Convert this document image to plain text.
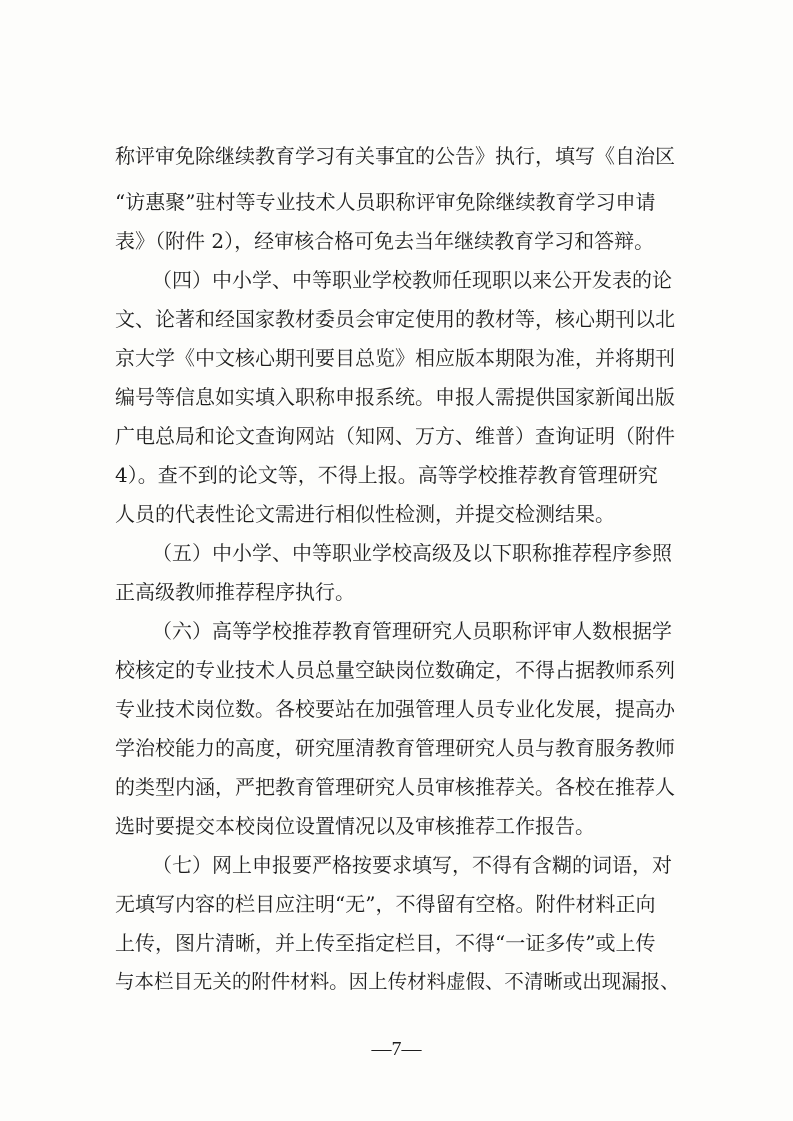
称评审免除继续教育学习有关事宜的公告》执行，填写《自治区
“访惠聚”驻村等专业技术人员职称评审免除继续教育学习申请
表》（附件 2），经审核合格可免去当年继续教育学习和答辩。
（四）中小学、中等职业学校教师任现职以来公开发表的论
文、论著和经国家教材委员会审定使用的教材等，核心期刊以北
京大学《中文核心期刊要目总览》相应版本期限为准，并将期刊
编号等信息如实填入职称申报系统。申报人需提供国家新闻出版
广电总局和论文查询网站（知网、万方、维普）查询证明（附件
4）。查不到的论文等，不得上报。高等学校推荐教育管理研究
人员的代表性论文需进行相似性检测，并提交检测结果。
（五）中小学、中等职业学校高级及以下职称推荐程序参照
正高级教师推荐程序执行。
（六）高等学校推荐教育管理研究人员职称评审人数根据学
校核定的专业技术人员总量空缺岗位数确定，不得占据教师系列
专业技术岗位数。各校要站在加强管理人员专业化发展，提高办
学治校能力的高度，研究厘清教育管理研究人员与教育服务教师
的类型内涵，严把教育管理研究人员审核推荐关。各校在推荐人
选时要提交本校岗位设置情况以及审核推荐工作报告。
（七）网上申报要严格按要求填写，不得有含糊的词语，对
无填写内容的栏目应注明“无”，不得留有空格。附件材料正向
上传，图片清晰，并上传至指定栏目，不得“一证多传”或上传
与本栏目无关的附件材料。因上传材料虚假、不清晰或出现漏报、
—7—
